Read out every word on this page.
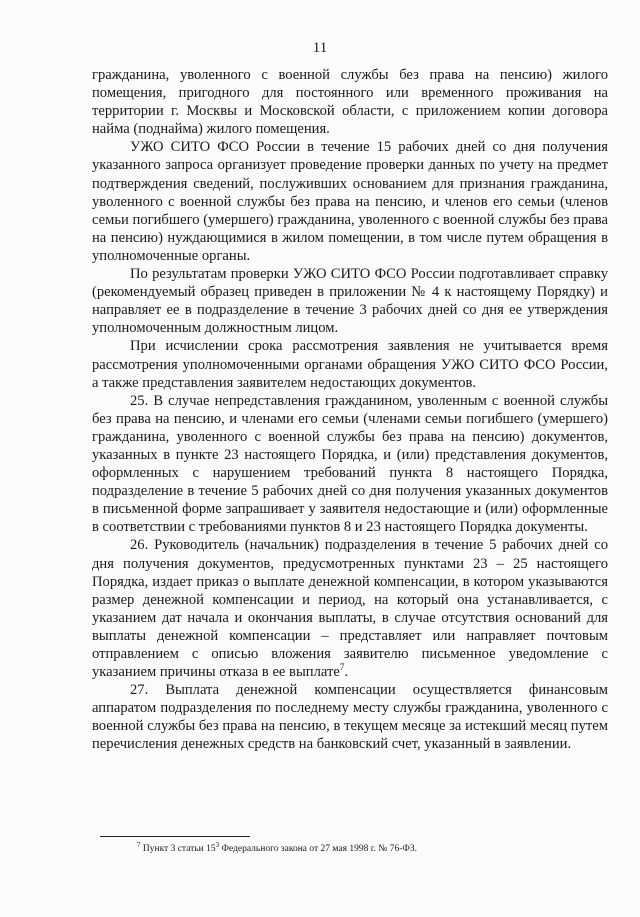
11

гражданина, уволенного с военной службы без права на пенсию) жилого помещения, пригодного для постоянного или временного проживания на территории г. Москвы и Московской области, с приложением копии договора найма (поднайма) жилого помещения.

УЖО СИТО ФСО России в течение 15 рабочих дней со дня получения указанного запроса организует проведение проверки данных по учету на предмет подтверждения сведений, послуживших основанием для признания гражданина, уволенного с военной службы без права на пенсию, и членов его семьи (членов семьи погибшего (умершего) гражданина, уволенного с военной службы без права на пенсию) нуждающимися в жилом помещении, в том числе путем обращения в уполномоченные органы.

По результатам проверки УЖО СИТО ФСО России подготавливает справку (рекомендуемый образец приведен в приложении № 4 к настоящему Порядку) и направляет ее в подразделение в течение 3 рабочих дней со дня ее утверждения уполномоченным должностным лицом.

При исчислении срока рассмотрения заявления не учитывается время рассмотрения уполномоченными органами обращения УЖО СИТО ФСО России, а также представления заявителем недостающих документов.

25. В случае непредставления гражданином, уволенным с военной службы без права на пенсию, и членами его семьи (членами семьи погибшего (умершего) гражданина, уволенного с военной службы без права на пенсию) документов, указанных в пункте 23 настоящего Порядка, и (или) представления документов, оформленных с нарушением требований пункта 8 настоящего Порядка, подразделение в течение 5 рабочих дней со дня получения указанных документов в письменной форме запрашивает у заявителя недостающие и (или) оформленные в соответствии с требованиями пунктов 8 и 23 настоящего Порядка документы.

26. Руководитель (начальник) подразделения в течение 5 рабочих дней со дня получения документов, предусмотренных пунктами 23 – 25 настоящего Порядка, издает приказ о выплате денежной компенсации, в котором указываются размер денежной компенсации и период, на который она устанавливается, с указанием дат начала и окончания выплаты, в случае отсутствия оснований для выплаты денежной компенсации – представляет или направляет почтовым отправлением с описью вложения заявителю письменное уведомление с указанием причины отказа в ее выплате$^7$.

27. Выплата денежной компенсации осуществляется финансовым аппаратом подразделения по последнему месту службы гражданина, уволенного с военной службы без права на пенсию, в текущем месяце за истекший месяц путем перечисления денежных средств на банковский счет, указанный в заявлении.

$^7$ Пункт 3 статьи $15^3$ Федерального закона от 27 мая 1998 г. № 76-ФЗ.
